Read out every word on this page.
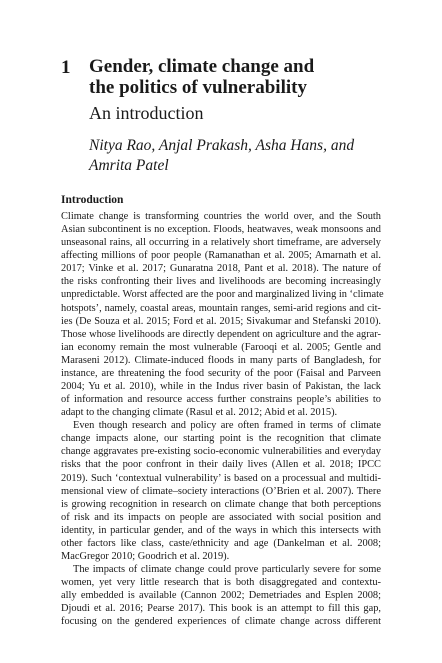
1 Gender, climate change and
the politics of vulnerability
An introduction
Nitya Rao, Anjal Prakash, Asha Hans, and
Amrita Patel
Introduction
Climate change is transforming countries the world over, and the South
Asian subcontinent is no exception. Floods, heatwaves, weak monsoons and
unseasonal rains, all occurring in a relatively short timeframe, are adversely
affecting millions of poor people (Ramanathan et al. 2005; Amarnath et al.
2017; Vinke et al. 2017; Gunaratna 2018, Pant et al. 2018). The nature of
the risks confronting their lives and livelihoods are becoming increasingly
unpredictable. Worst affected are the poor and marginalized living in ‘climate
hotspots’, namely, coastal areas, mountain ranges, semi-arid regions and cit-
ies (De Souza et al. 2015; Ford et al. 2015; Sivakumar and Stefanski 2010).
Those whose livelihoods are directly dependent on agriculture and the agrar-
ian economy remain the most vulnerable (Farooqi et al. 2005; Gentle and
Maraseni 2012). Climate-induced floods in many parts of Bangladesh, for
instance, are threatening the food security of the poor (Faisal and Parveen
2004; Yu et al. 2010), while in the Indus river basin of Pakistan, the lack
of information and resource access further constrains people’s abilities to
adapt to the changing climate (Rasul et al. 2012; Abid et al. 2015).
Even though research and policy are often framed in terms of climate
change impacts alone, our starting point is the recognition that climate
change aggravates pre-existing socio-economic vulnerabilities and everyday
risks that the poor confront in their daily lives (Allen et al. 2018; IPCC
2019). Such ‘contextual vulnerability’ is based on a processual and multidi-
mensional view of climate–society interactions (O’Brien et al. 2007). There
is growing recognition in research on climate change that both perceptions
of risk and its impacts on people are associated with social position and
identity, in particular gender, and of the ways in which this intersects with
other factors like class, caste/ethnicity and age (Dankelman et al. 2008;
MacGregor 2010; Goodrich et al. 2019).
The impacts of climate change could prove particularly severe for some
women, yet very little research that is both disaggregated and contextu-
ally embedded is available (Cannon 2002; Demetriades and Esplen 2008;
Djoudi et al. 2016; Pearse 2017). This book is an attempt to fill this gap,
focusing on the gendered experiences of climate change across different
